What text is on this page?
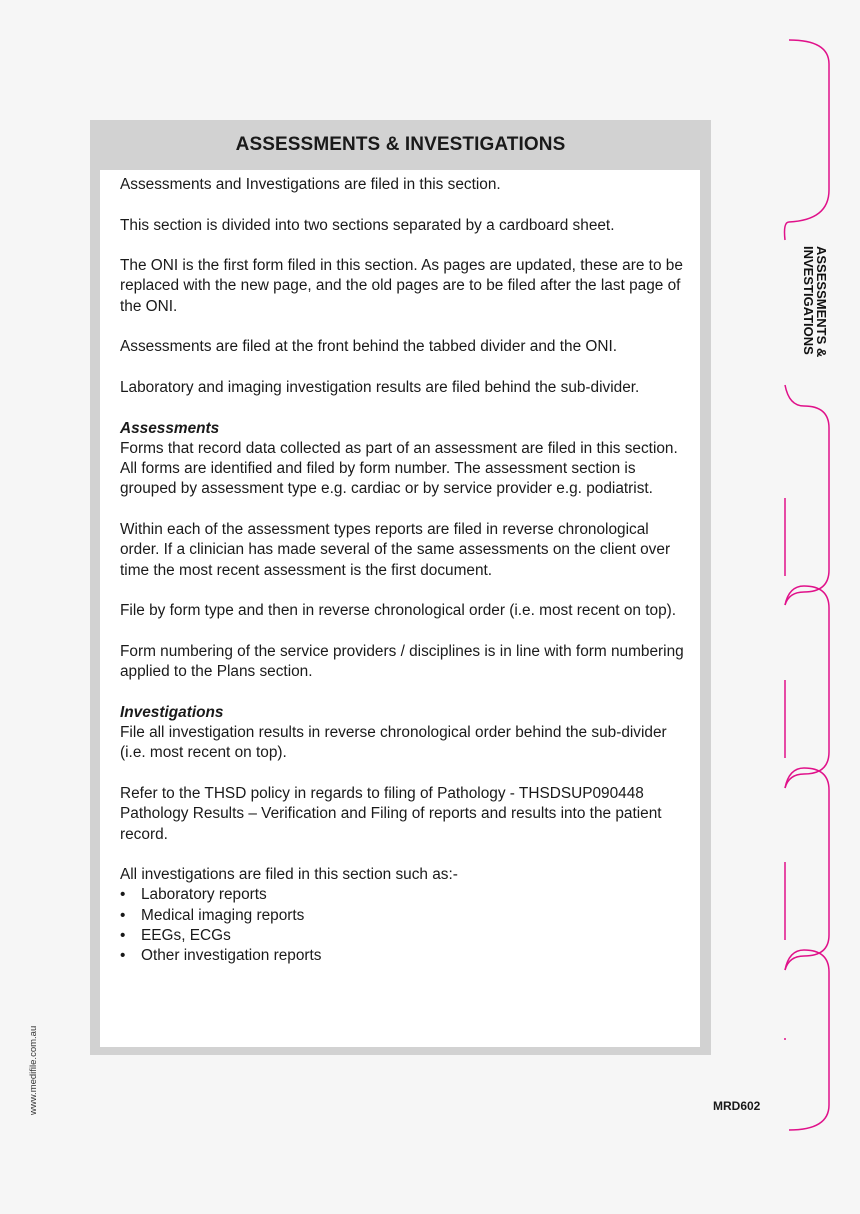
ASSESSMENTS & INVESTIGATIONS

Assessments and Investigations are filed in this section.

This section is divided into two sections separated by a cardboard sheet.

The ONI is the first form filed in this section. As pages are updated, these are to be replaced with the new page, and the old pages are to be filed after the last page of the ONI.

Assessments are filed at the front behind the tabbed divider and the ONI.

Laboratory and imaging investigation results are filed behind the sub-divider.

Assessments

Forms that record data collected as part of an assessment are filed in this section. All forms are identified and filed by form number. The assessment section is grouped by assessment type e.g. cardiac or by service provider e.g. podiatrist.

Within each of the assessment types reports are filed in reverse chronological order. If a clinician has made several of the same assessments on the client over time the most recent assessment is the first document.

File by form type and then in reverse chronological order (i.e. most recent on top).

Form numbering of the service providers / disciplines is in line with form numbering applied to the Plans section.

Investigations

File all investigation results in reverse chronological order behind the sub-divider (i.e. most recent on top).

Refer to the THSD policy in regards to filing of Pathology - THSDSUP090448 Pathology Results – Verification and Filing of reports and results into the patient record.

All investigations are filed in this section such as:-

• Laboratory reports
• Medical imaging reports
• EEGs, ECGs
• Other investigation reports
www.medifile.com.au
ASSESSMENTS &
INVESTIGATIONS
MRD602
